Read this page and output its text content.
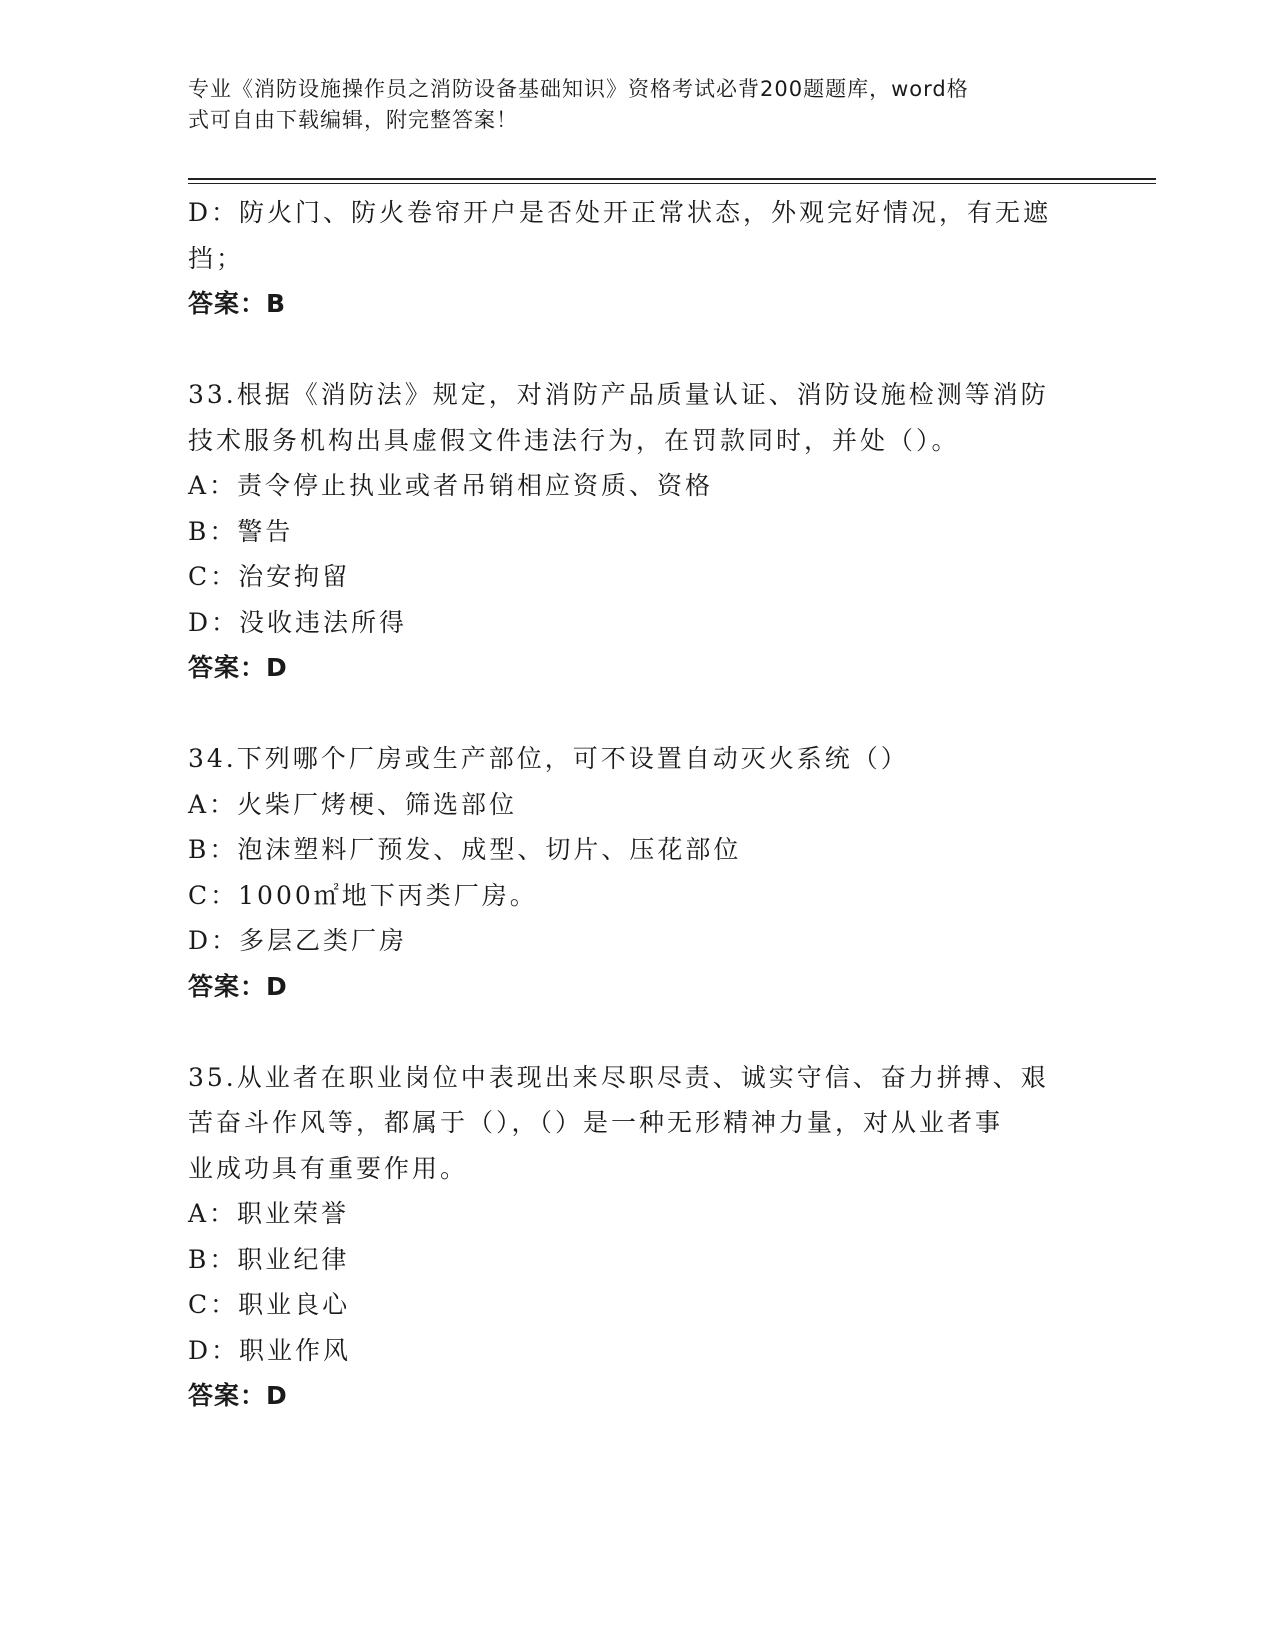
专业《消防设施操作员之消防设备基础知识》资格考试必背200题题库，word格
式可自由下载编辑，附完整答案！
D：防火门、防火卷帘开户是否处开正常状态，外观完好情况，有无遮
挡；
答案：B
33.根据《消防法》规定，对消防产品质量认证、消防设施检测等消防
技术服务机构出具虚假文件违法行为，在罚款同时，并处（）。
A：责令停止执业或者吊销相应资质、资格
B：警告
C：治安拘留
D：没收违法所得
答案：D
34.下列哪个厂房或生产部位，可不设置自动灭火系统（）
A：火柴厂烤梗、筛选部位
B：泡沫塑料厂预发、成型、切片、压花部位
C：1000㎡地下丙类厂房。
D：多层乙类厂房
答案：D
35.从业者在职业岗位中表现出来尽职尽责、诚实守信、奋力拼搏、艰
苦奋斗作风等，都属于（），（）是一种无形精神力量，对从业者事
业成功具有重要作用。
A：职业荣誉
B：职业纪律
C：职业良心
D：职业作风
答案：D
